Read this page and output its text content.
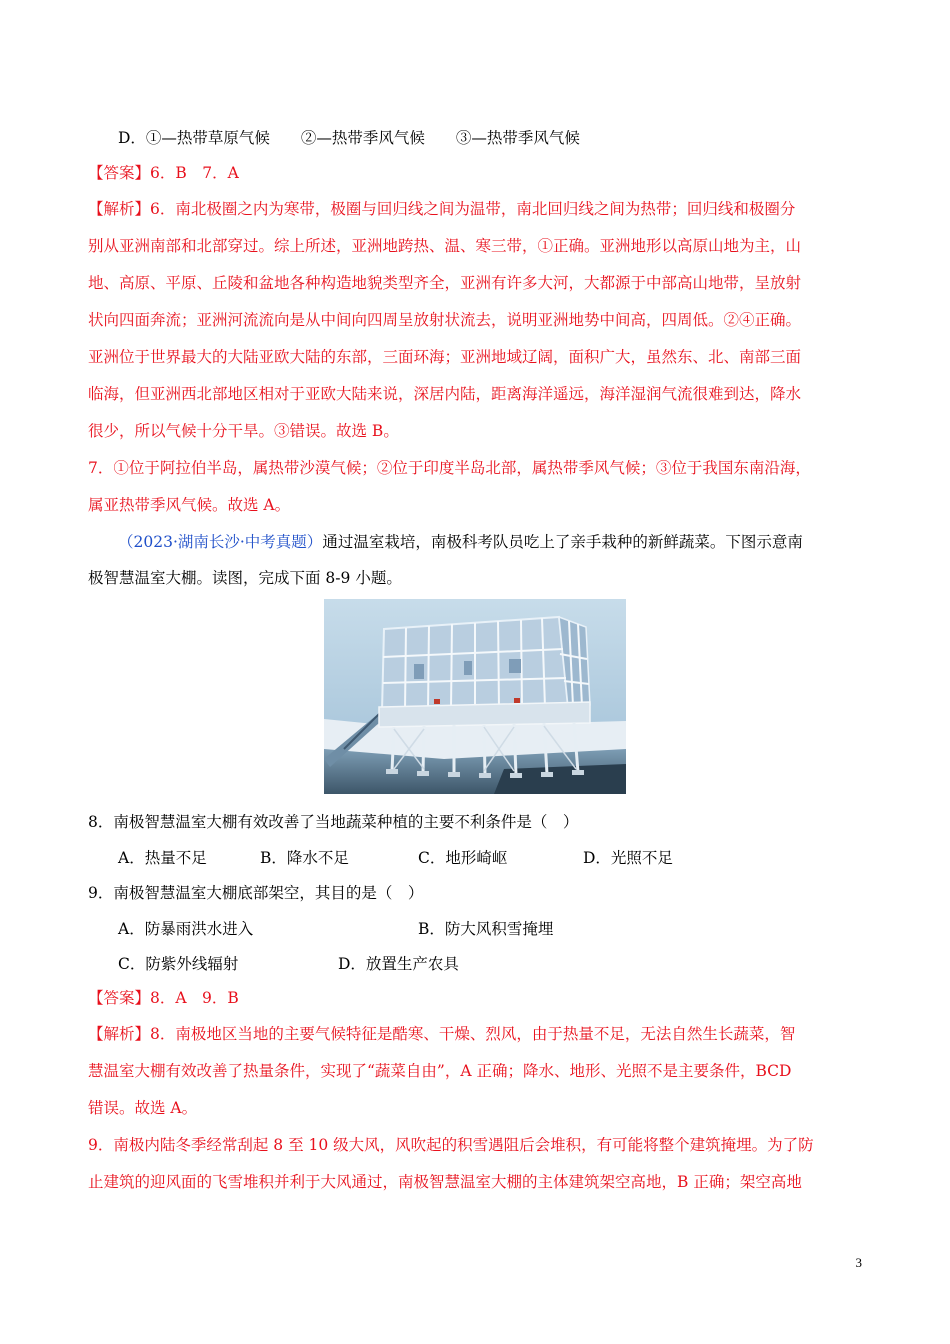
D．①—热带草原气候　　②—热带季风气候　　③—热带季风气候
【答案】6．B　7．A
【解析】6．南北极圈之内为寒带，极圈与回归线之间为温带，南北回归线之间为热带；回归线和极圈分
别从亚洲南部和北部穿过。综上所述，亚洲地跨热、温、寒三带，①正确。亚洲地形以高原山地为主，山
地、高原、平原、丘陵和盆地各种构造地貌类型齐全，亚洲有许多大河，大都源于中部高山地带，呈放射
状向四面奔流；亚洲河流流向是从中间向四周呈放射状流去，说明亚洲地势中间高，四周低。②④正确。
亚洲位于世界最大的大陆亚欧大陆的东部，三面环海；亚洲地域辽阔，面积广大，虽然东、北、南部三面
临海，但亚洲西北部地区相对于亚欧大陆来说，深居内陆，距离海洋遥远，海洋湿润气流很难到达，降水
很少，所以气候十分干旱。③错误。故选 B。
7．①位于阿拉伯半岛，属热带沙漠气候；②位于印度半岛北部，属热带季风气候；③位于我国东南沿海，
属亚热带季风气候。故选 A。
（2023·湖南长沙·中考真题）通过温室栽培，南极科考队员吃上了亲手栽种的新鲜蔬菜。下图示意南
极智慧温室大棚。读图，完成下面 8-9 小题。
8．南极智慧温室大棚有效改善了当地蔬菜种植的主要不利条件是（　）
A．热量不足	B．降水不足	C．地形崎岖	D．光照不足
9．南极智慧温室大棚底部架空，其目的是（　）
A．防暴雨洪水进入	B．防大风积雪掩埋
C．防紫外线辐射	D．放置生产农具
【答案】8．A　9．B
【解析】8．南极地区当地的主要气候特征是酷寒、干燥、烈风，由于热量不足，无法自然生长蔬菜，智
慧温室大棚有效改善了热量条件，实现了“蔬菜自由”，A 正确；降水、地形、光照不是主要条件，BCD
错误。故选 A。
9．南极内陆冬季经常刮起 8 至 10 级大风，风吹起的积雪遇阻后会堆积，有可能将整个建筑掩埋。为了防
止建筑的迎风面的飞雪堆积并利于大风通过，南极智慧温室大棚的主体建筑架空高地，B 正确；架空高地
3
